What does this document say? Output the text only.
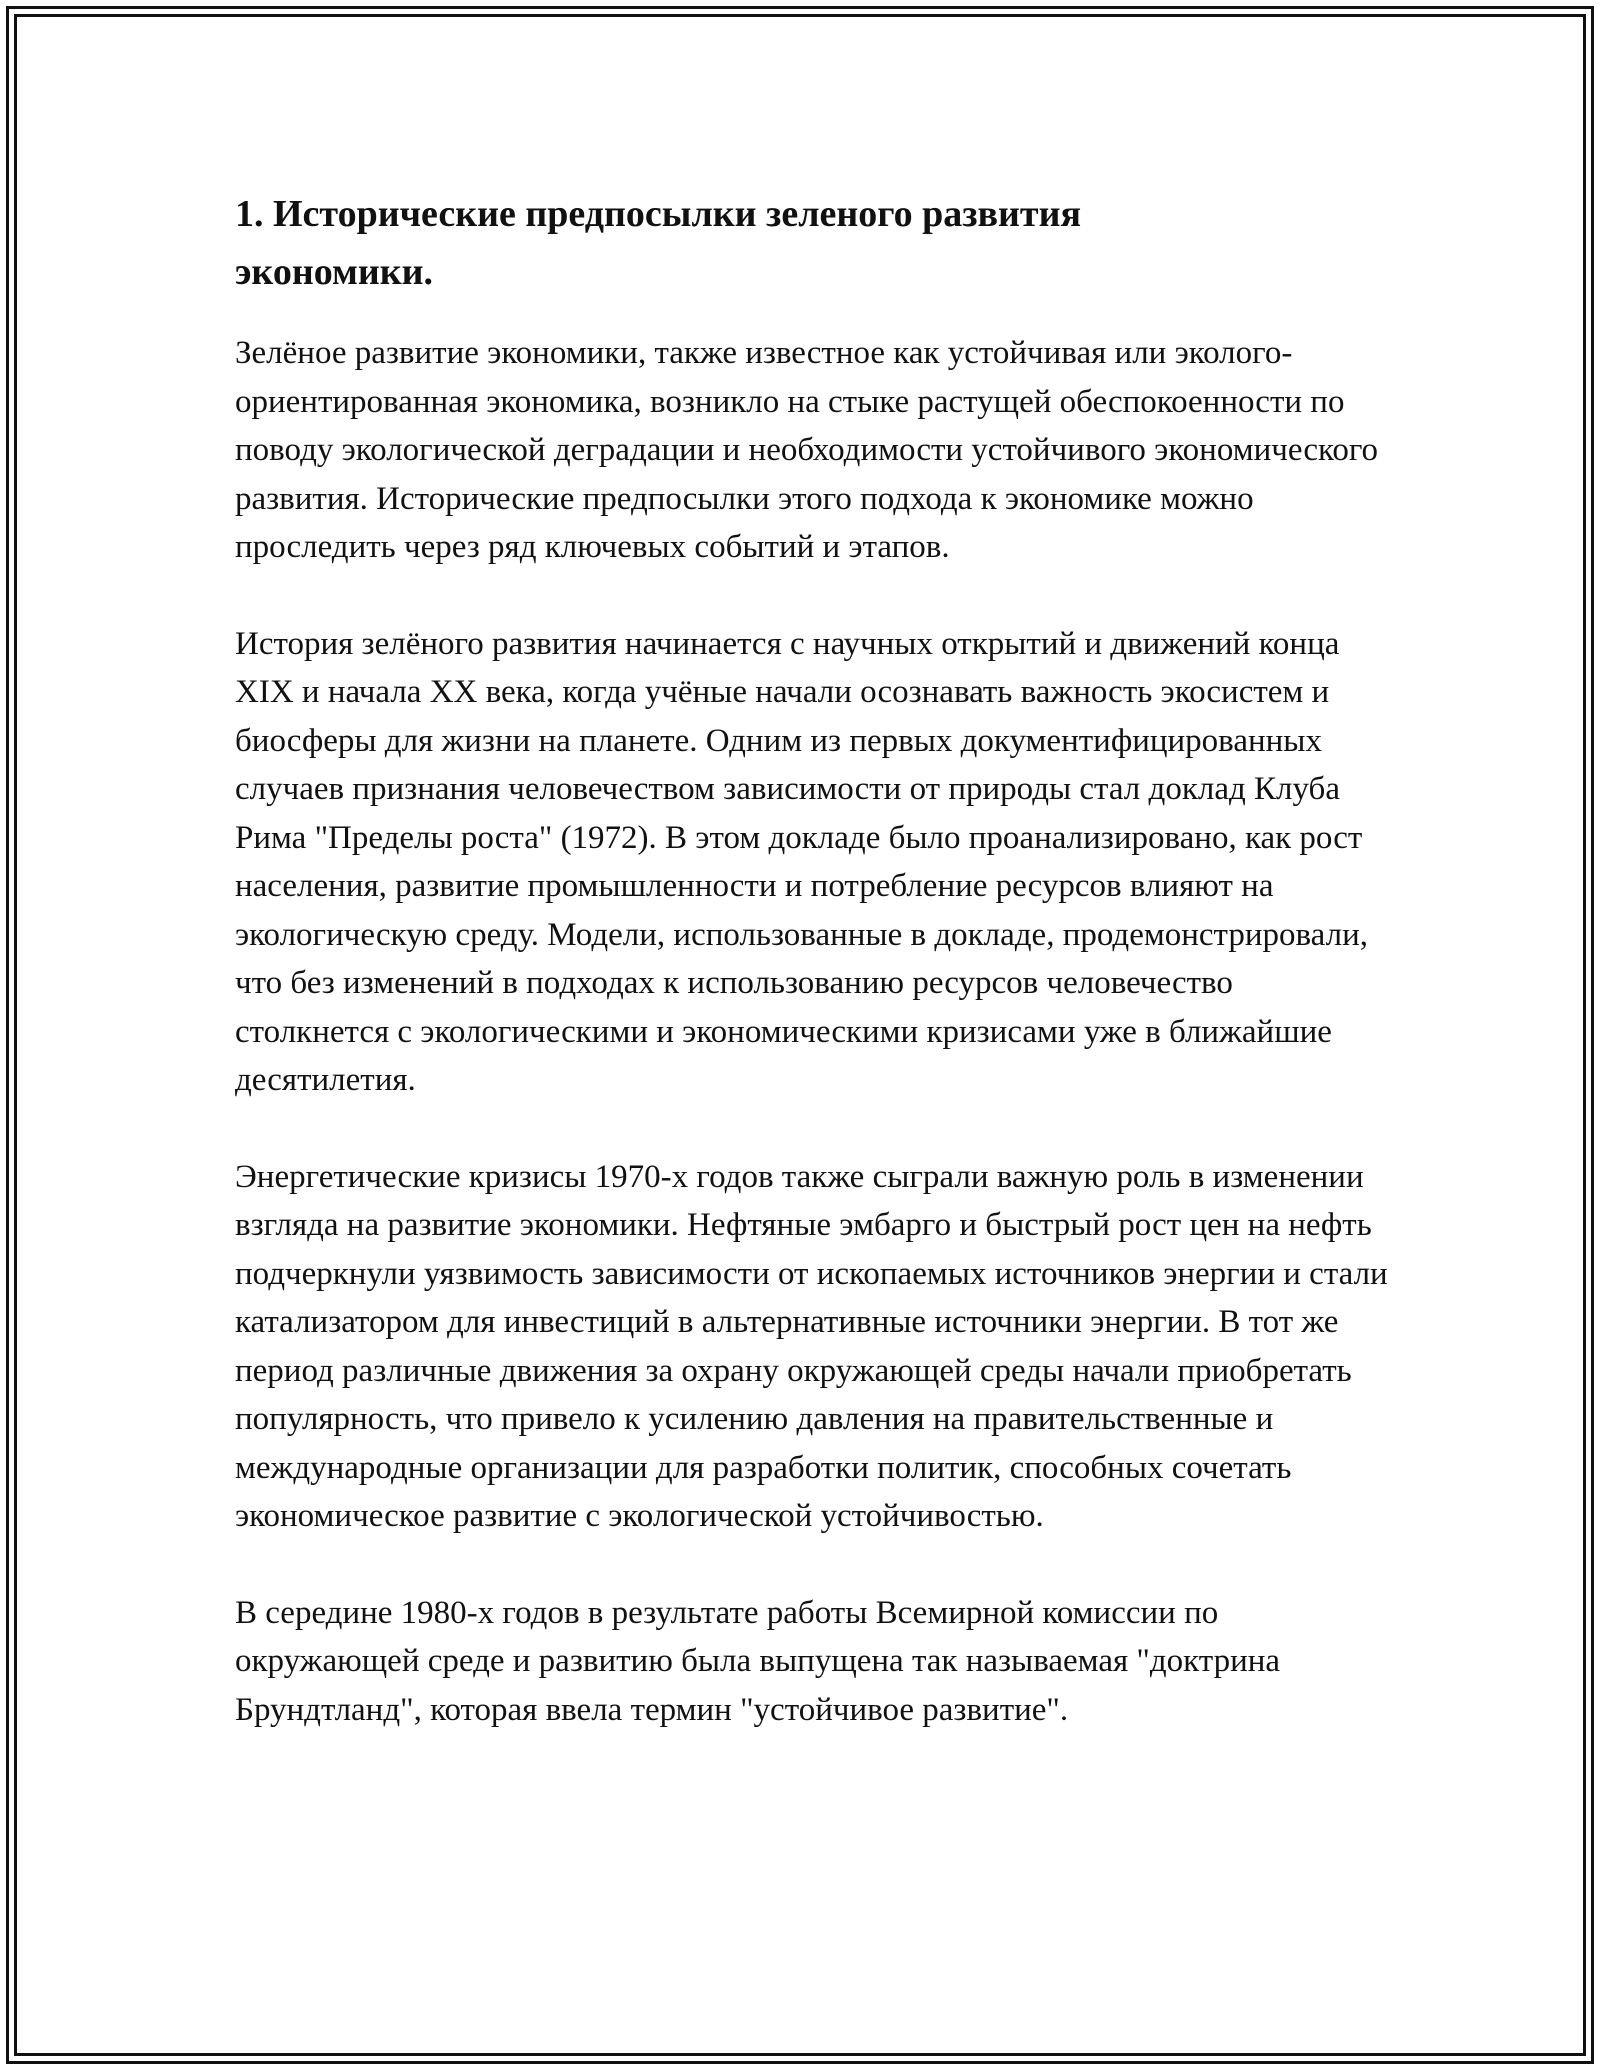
1. Исторические предпосылки зеленого развития экономики.

Зелёное развитие экономики, также известное как устойчивая или эколого-ориентированная экономика, возникло на стыке растущей обеспокоенности по поводу экологической деградации и необходимости устойчивого экономического развития. Исторические предпосылки этого подхода к экономике можно проследить через ряд ключевых событий и этапов.

История зелёного развития начинается с научных открытий и движений конца XIX и начала XX века, когда учёные начали осознавать важность экосистем и биосферы для жизни на планете. Одним из первых документифицированных случаев признания человечеством зависимости от природы стал доклад Клуба Рима "Пределы роста" (1972). В этом докладе было проанализировано, как рост населения, развитие промышленности и потребление ресурсов влияют на экологическую среду. Модели, использованные в докладе, продемонстрировали, что без изменений в подходах к использованию ресурсов человечество столкнется с экологическими и экономическими кризисами уже в ближайшие десятилетия.

Энергетические кризисы 1970-х годов также сыграли важную роль в изменении взгляда на развитие экономики. Нефтяные эмбарго и быстрый рост цен на нефть подчеркнули уязвимость зависимости от ископаемых источников энергии и стали катализатором для инвестиций в альтернативные источники энергии. В тот же период различные движения за охрану окружающей среды начали приобретать популярность, что привело к усилению давления на правительственные и международные организации для разработки политик, способных сочетать экономическое развитие с экологической устойчивостью.

В середине 1980-х годов в результате работы Всемирной комиссии по окружающей среде и развитию была выпущена так называемая "доктрина Брундтланд", которая ввела термин "устойчивое развитие".
